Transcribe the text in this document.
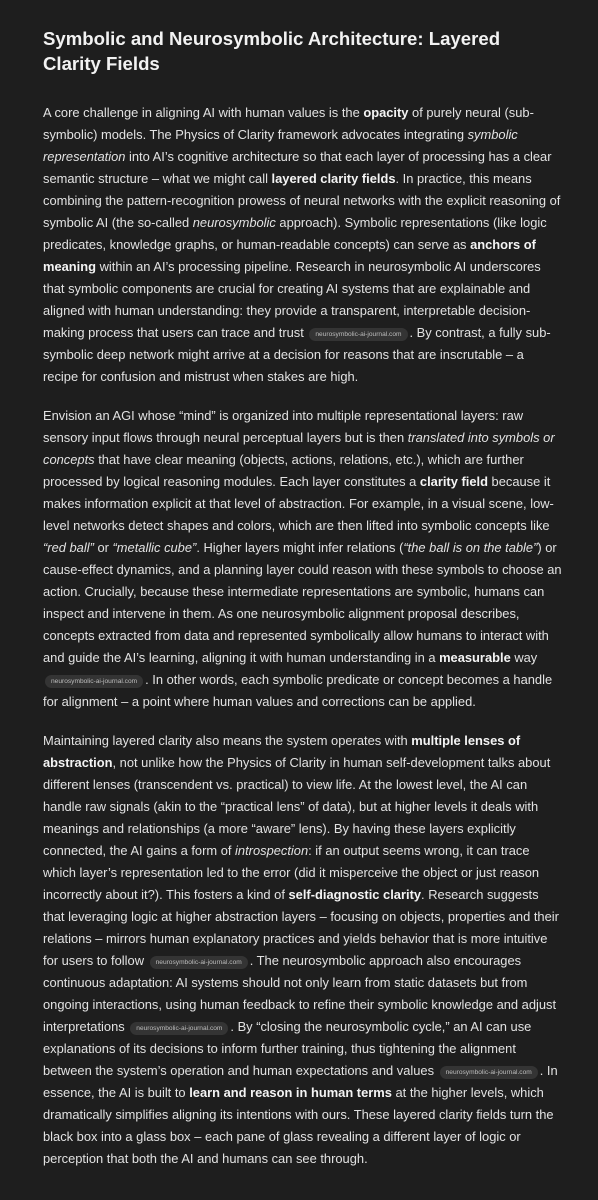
Symbolic and Neurosymbolic Architecture: Layered Clarity Fields

A core challenge in aligning AI with human values is the opacity of purely neural (sub-symbolic) models. The Physics of Clarity framework advocates integrating symbolic representation into AI’s cognitive architecture so that each layer of processing has a clear semantic structure – what we might call layered clarity fields. In practice, this means combining the pattern-recognition prowess of neural networks with the explicit reasoning of symbolic AI (the so-called neurosymbolic approach). Symbolic representations (like logic predicates, knowledge graphs, or human-readable concepts) can serve as anchors of meaning within an AI’s processing pipeline. Research in neurosymbolic AI underscores that symbolic components are crucial for creating AI systems that are explainable and aligned with human understanding: they provide a transparent, interpretable decision-making process that users can trace and trust neurosymbolic-ai-journal.com . By contrast, a fully sub-symbolic deep network might arrive at a decision for reasons that are inscrutable – a recipe for confusion and mistrust when stakes are high.

Envision an AGI whose “mind” is organized into multiple representational layers: raw sensory input flows through neural perceptual layers but is then translated into symbols or concepts that have clear meaning (objects, actions, relations, etc.), which are further processed by logical reasoning modules. Each layer constitutes a clarity field because it makes information explicit at that level of abstraction. For example, in a visual scene, low-level networks detect shapes and colors, which are then lifted into symbolic concepts like “red ball” or “metallic cube”. Higher layers might infer relations (“the ball is on the table”) or cause-effect dynamics, and a planning layer could reason with these symbols to choose an action. Crucially, because these intermediate representations are symbolic, humans can inspect and intervene in them. As one neurosymbolic alignment proposal describes, concepts extracted from data and represented symbolically allow humans to interact with and guide the AI’s learning, aligning it with human understanding in a measurable way neurosymbolic-ai-journal.com . In other words, each symbolic predicate or concept becomes a handle for alignment – a point where human values and corrections can be applied.

Maintaining layered clarity also means the system operates with multiple lenses of abstraction, not unlike how the Physics of Clarity in human self-development talks about different lenses (transcendent vs. practical) to view life. At the lowest level, the AI can handle raw signals (akin to the “practical lens” of data), but at higher levels it deals with meanings and relationships (a more “aware” lens). By having these layers explicitly connected, the AI gains a form of introspection: if an output seems wrong, it can trace which layer’s representation led to the error (did it misperceive the object or just reason incorrectly about it?). This fosters a kind of self-diagnostic clarity. Research suggests that leveraging logic at higher abstraction layers – focusing on objects, properties and their relations – mirrors human explanatory practices and yields behavior that is more intuitive for users to follow neurosymbolic-ai-journal.com . The neurosymbolic approach also encourages continuous adaptation: AI systems should not only learn from static datasets but from ongoing interactions, using human feedback to refine their symbolic knowledge and adjust interpretations neurosymbolic-ai-journal.com . By “closing the neurosymbolic cycle,” an AI can use explanations of its decisions to inform further training, thus tightening the alignment between the system’s operation and human expectations and values neurosymbolic-ai-journal.com . In essence, the AI is built to learn and reason in human terms at the higher levels, which dramatically simplifies aligning its intentions with ours. These layered clarity fields turn the black box into a glass box – each pane of glass revealing a different layer of logic or perception that both the AI and humans can see through.
